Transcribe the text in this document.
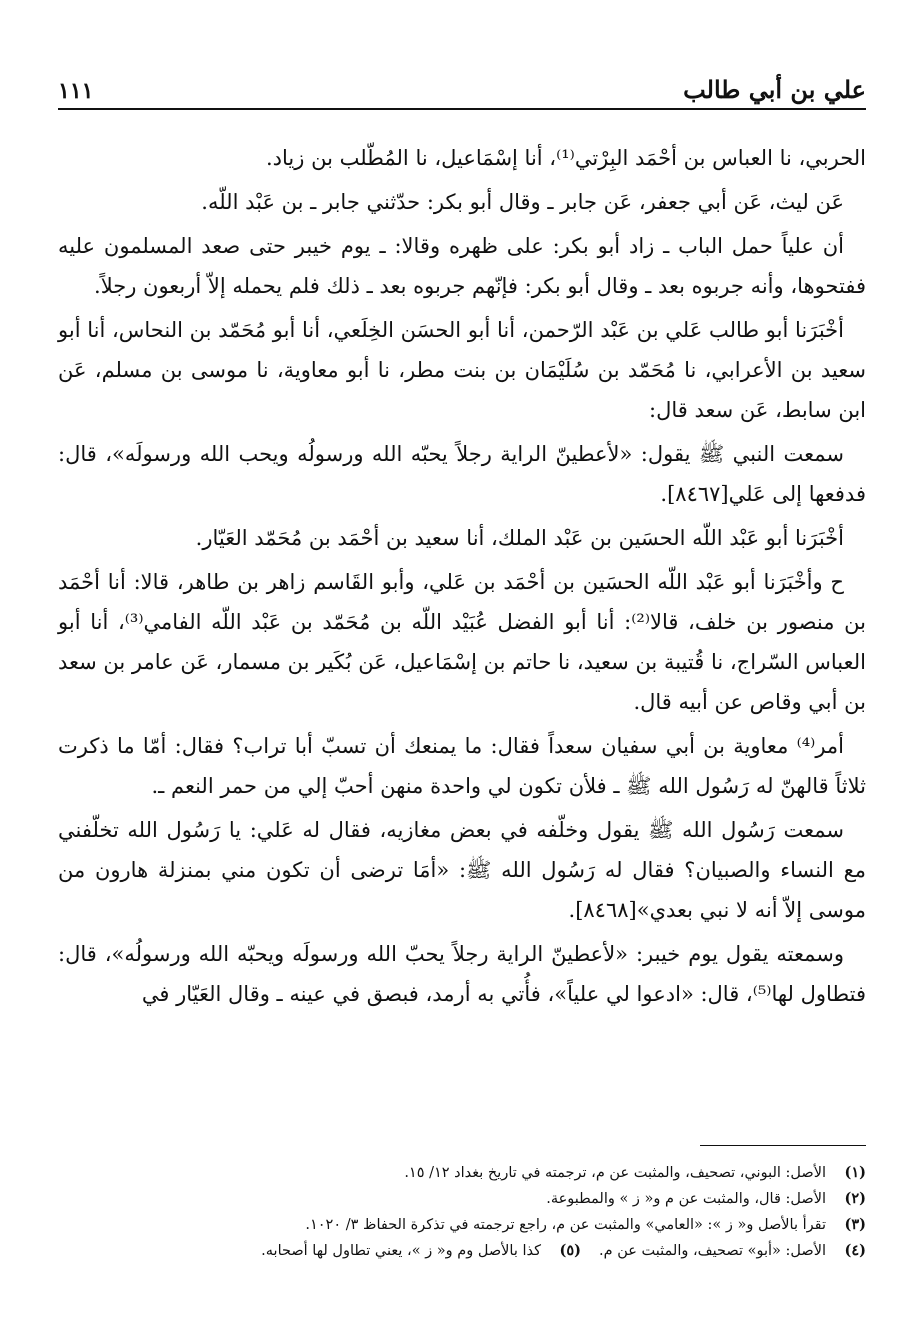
علي بن أبي طالب
١١١

الحربي، نا العباس بن أحْمَد البِرْتي⁽¹⁾، أنا إسْمَاعيل، نا المُطّلب بن زياد.

عَن ليث، عَن أبي جعفر، عَن جابر ـ وقال أبو بكر: حدّثني جابر ـ بن عَبْد اللّه.

أن علياً حمل الباب ـ زاد أبو بكر: على ظهره وقالا: ـ يوم خيبر حتى صعد المسلمون عليه ففتحوها، وأنه جربوه بعد ـ وقال أبو بكر: فإنّهم جربوه بعد ـ ذلك فلم يحمله إلاّ أربعون رجلاً.

أخْبَرَنا أبو طالب عَلي بن عَبْد الرّحمن، أنا أبو الحسَن الخِلَعي، أنا أبو مُحَمّد بن النحاس، أنا أبو سعيد بن الأعرابي، نا مُحَمّد بن سُلَيْمَان بن بنت مطر، نا أبو معاوية، نا موسى بن مسلم، عَن ابن سابط، عَن سعد قال:

سمعت النبي ﷺ يقول: «لأعطينّ الراية رجلاً يحبّه الله ورسولُه ويحب الله ورسولَه»، قال: فدفعها إلى عَلي[٨٤٦٧].

أخْبَرَنا أبو عَبْد اللّه الحسَين بن عَبْد الملك، أنا سعيد بن أحْمَد بن مُحَمّد العَيّار.

ح وأخْبَرَنا أبو عَبْد اللّه الحسَين بن أحْمَد بن عَلي، وأبو القَاسم زاهر بن طاهر، قالا: أنا أحْمَد بن منصور بن خلف، قالا⁽²⁾: أنا أبو الفضل عُبَيْد اللّه بن مُحَمّد بن عَبْد اللّه الفامي⁽³⁾، أنا أبو العباس السّراج، نا قُتيبة بن سعيد، نا حاتم بن إسْمَاعيل، عَن بُكَير بن مسمار، عَن عامر بن سعد بن أبي وقاص عن أبيه قال.

أمر⁽⁴⁾ معاوية بن أبي سفيان سعداً فقال: ما يمنعك أن تسبّ أبا تراب؟ فقال: أمّا ما ذكرت ثلاثاً قالهنّ له رَسُول الله ﷺ ـ فلأن تكون لي واحدة منهن أحبّ إلي من حمر النعم ـ.

سمعت رَسُول الله ﷺ يقول وخلّفه في بعض مغازيه، فقال له عَلي: يا رَسُول الله تخلّفني مع النساء والصبيان؟ فقال له رَسُول الله ﷺ: «أمَا ترضى أن تكون مني بمنزلة هارون من موسى إلاّ أنه لا نبي بعدي»[٨٤٦٨].

وسمعته يقول يوم خيبر: «لأعطينّ الراية رجلاً يحبّ الله ورسولَه ويحبّه الله ورسولُه»، قال: فتطاول لها⁽⁵⁾، قال: «ادعوا لي علياً»، فأُتي به أرمد، فبصق في عينه ـ وقال العَيّار في

(١)
الأصل: البوني، تصحيف، والمثبت عن م، ترجمته في تاريخ بغداد ١٢/ ١٥.
(٢)
الأصل: قال، والمثبت عن م و« ز » والمطبوعة.
(٣)
تقرأ بالأصل و« ز »: «العامي» والمثبت عن م، راجع ترجمته في تذكرة الحفاظ ٣/ ١٠٢٠.
(٤)
الأصل: «أبو» تصحيف، والمثبت عن م.
(٥)
كذا بالأصل وم و« ز »، يعني تطاول لها أصحابه.
